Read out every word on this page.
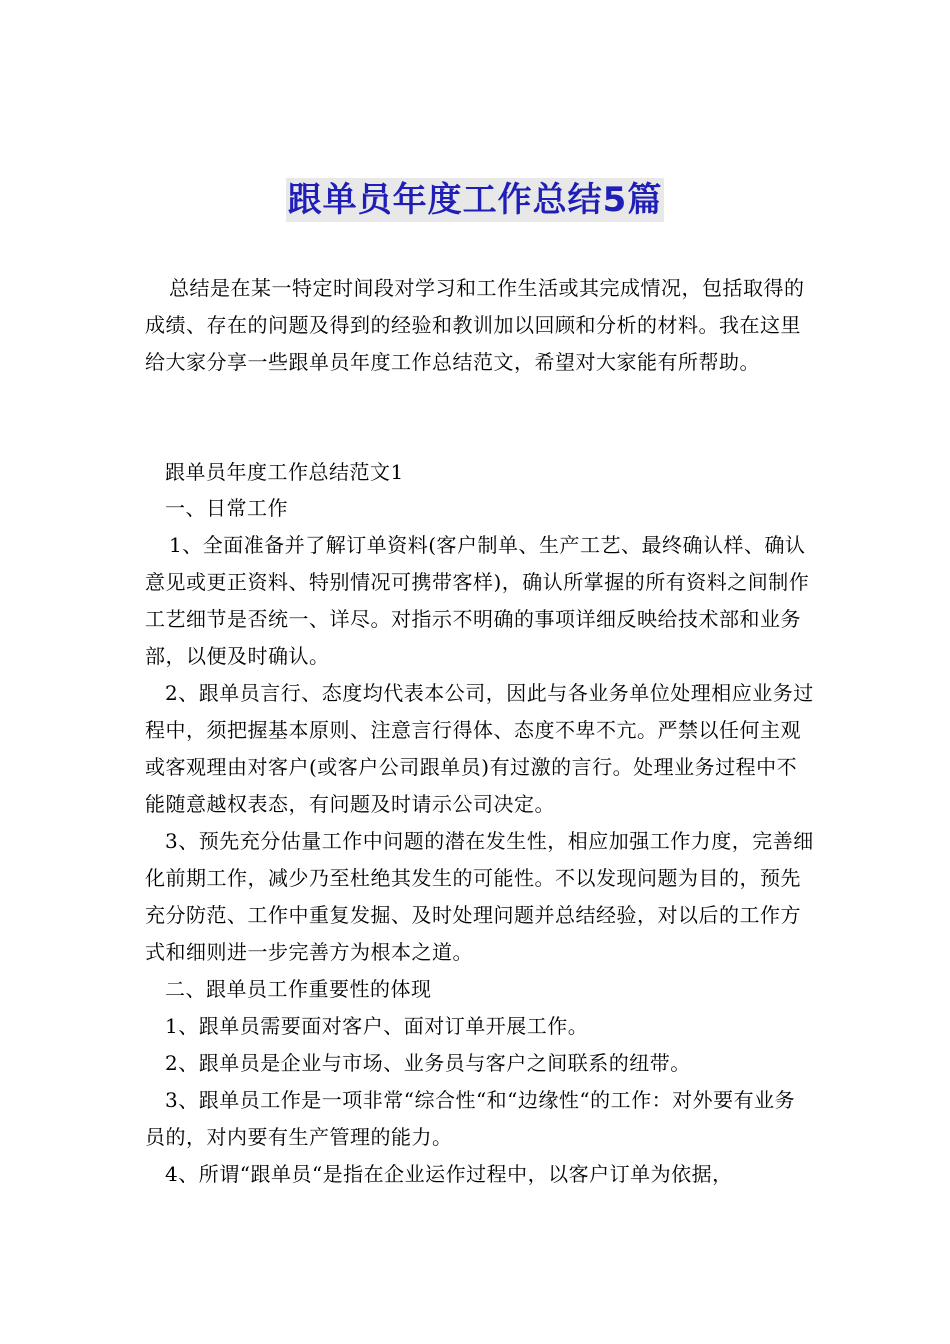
跟单员年度工作总结5篇

总结是在某一特定时间段对学习和工作生活或其完成情况，包括取得的成绩、存在的问题及得到的经验和教训加以回顾和分析的材料。我在这里给大家分享一些跟单员年度工作总结范文，希望对大家能有所帮助。

跟单员年度工作总结范文1

一、日常工作

1、全面准备并了解订单资料(客户制单、生产工艺、最终确认样、确认意见或更正资料、特别情况可携带客样)，确认所掌握的所有资料之间制作工艺细节是否统一、详尽。对指示不明确的事项详细反映给技术部和业务部，以便及时确认。

2、跟单员言行、态度均代表本公司，因此与各业务单位处理相应业务过程中，须把握基本原则、注意言行得体、态度不卑不亢。严禁以任何主观或客观理由对客户(或客户公司跟单员)有过激的言行。处理业务过程中不能随意越权表态，有问题及时请示公司决定。

3、预先充分估量工作中问题的潜在发生性，相应加强工作力度，完善细化前期工作，减少乃至杜绝其发生的可能性。不以发现问题为目的，预先充分防范、工作中重复发掘、及时处理问题并总结经验，对以后的工作方式和细则进一步完善方为根本之道。

二、跟单员工作重要性的体现

1、跟单员需要面对客户、面对订单开展工作。

2、跟单员是企业与市场、业务员与客户之间联系的纽带。

3、跟单员工作是一项非常“综合性“和“边缘性“的工作：对外要有业务员的，对内要有生产管理的能力。

4、所谓“跟单员“是指在企业运作过程中，以客户订单为依据，
